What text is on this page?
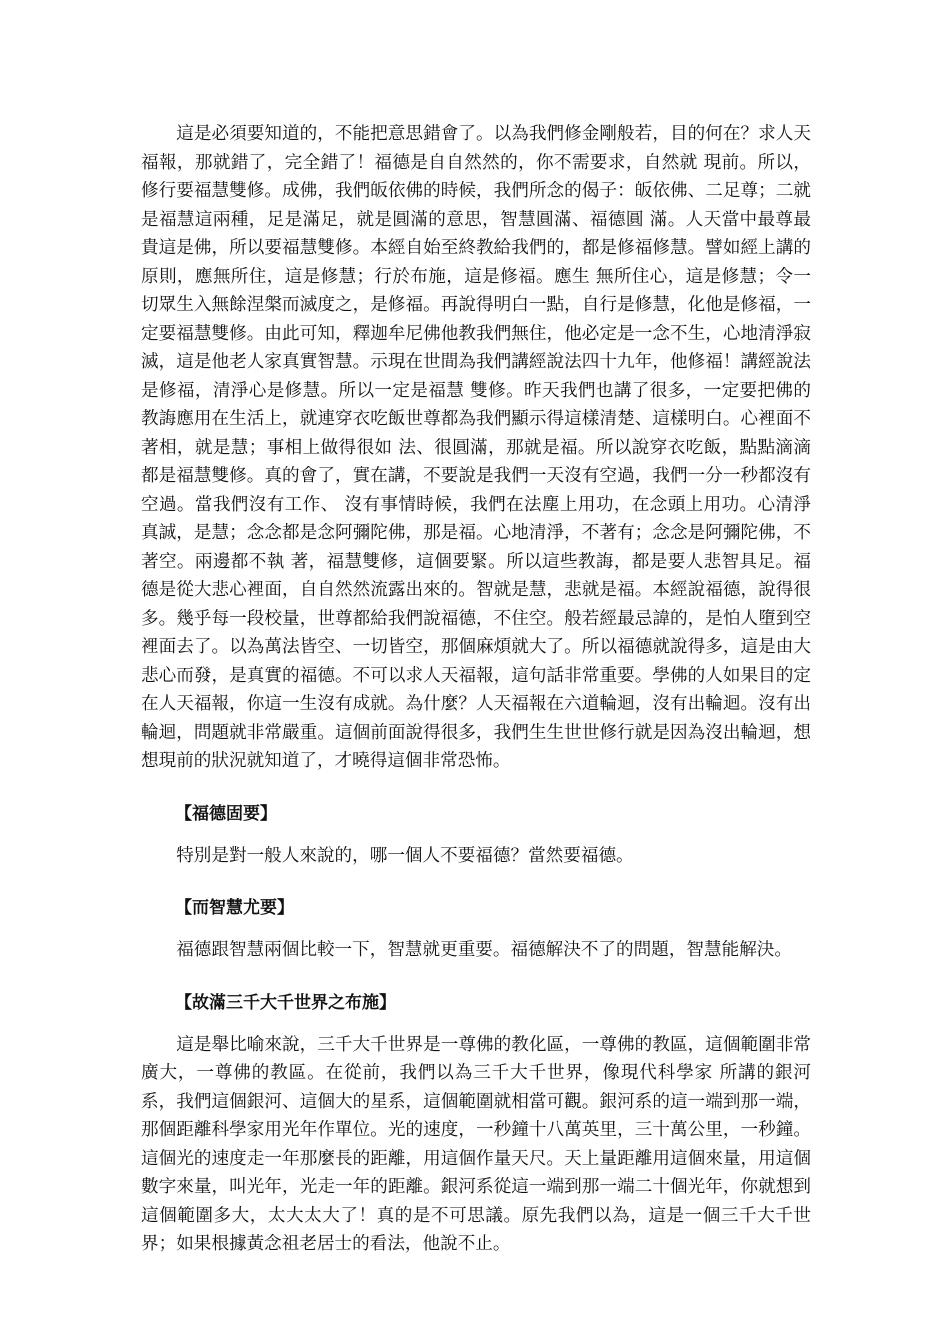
這是必須要知道的，不能把意思錯會了。以為我們修金剛般若，目的何在？求人天福報，那就錯了，完全錯了！福德是自自然然的，你不需要求，自然就 現前。所以，修行要福慧雙修。成佛，我們皈依佛的時候，我們所念的偈子：皈依佛、二足尊；二就是福慧這兩種，足是滿足，就是圓滿的意思，智慧圓滿、福德圓 滿。人天當中最尊最貴這是佛，所以要福慧雙修。本經自始至終教給我們的，都是修福修慧。譬如經上講的原則，應無所住，這是修慧；行於布施，這是修福。應生 無所住心，這是修慧；令一切眾生入無餘涅槃而滅度之，是修福。再說得明白一點，自行是修慧，化他是修福，一定要福慧雙修。由此可知，釋迦牟尼佛他教我們無住，他必定是一念不生，心地清淨寂滅，這是他老人家真實智慧。示現在世間為我們講經說法四十九年，他修福！講經說法是修福，清淨心是修慧。所以一定是福慧 雙修。昨天我們也講了很多，一定要把佛的教誨應用在生活上，就連穿衣吃飯世尊都為我們顯示得這樣清楚、這樣明白。心裡面不著相，就是慧；事相上做得很如 法、很圓滿，那就是福。所以說穿衣吃飯，點點滴滴都是福慧雙修。真的會了，實在講，不要說是我們一天沒有空過，我們一分一秒都沒有空過。當我們沒有工作、 沒有事情時候，我們在法塵上用功，在念頭上用功。心清淨真誠，是慧；念念都是念阿彌陀佛，那是福。心地清淨，不著有；念念是阿彌陀佛，不著空。兩邊都不執 著，福慧雙修，這個要緊。所以這些教誨，都是要人悲智具足。福德是從大悲心裡面，自自然然流露出來的。智就是慧，悲就是福。本經說福德，說得很多。幾乎每一段校量，世尊都給我們說福德，不住空。般若經最忌諱的，是怕人墮到空裡面去了。以為萬法皆空、一切皆空，那個麻煩就大了。所以福德就說得多，這是由大悲心而發，是真實的福德。不可以求人天福報，這句話非常重要。學佛的人如果目的定在人天福報，你這一生沒有成就。為什麼？人天福報在六道輪迴，沒有出輪迴。沒有出輪迴，問題就非常嚴重。這個前面說得很多，我們生生世世修行就是因為沒出輪迴，想想現前的狀況就知道了，才曉得這個非常恐怖。

【福德固要】

特別是對一般人來說的，哪一個人不要福德？當然要福德。

【而智慧尤要】

福德跟智慧兩個比較一下，智慧就更重要。福德解決不了的問題，智慧能解決。

【故滿三千大千世界之布施】

這是舉比喻來說，三千大千世界是一尊佛的教化區，一尊佛的教區，這個範圍非常廣大，一尊佛的教區。在從前，我們以為三千大千世界，像現代科學家 所講的銀河系，我們這個銀河、這個大的星系，這個範圍就相當可觀。銀河系的這一端到那一端，那個距離科學家用光年作單位。光的速度，一秒鐘十八萬英里，三十萬公里，一秒鐘。這個光的速度走一年那麼長的距離，用這個作量天尺。天上量距離用這個來量，用這個數字來量，叫光年，光走一年的距離。銀河系從這一端到那一端二十個光年，你就想到這個範圍多大，太大太大了！真的是不可思議。原先我們以為，這是一個三千大千世界；如果根據黃念祖老居士的看法，他說不止。
